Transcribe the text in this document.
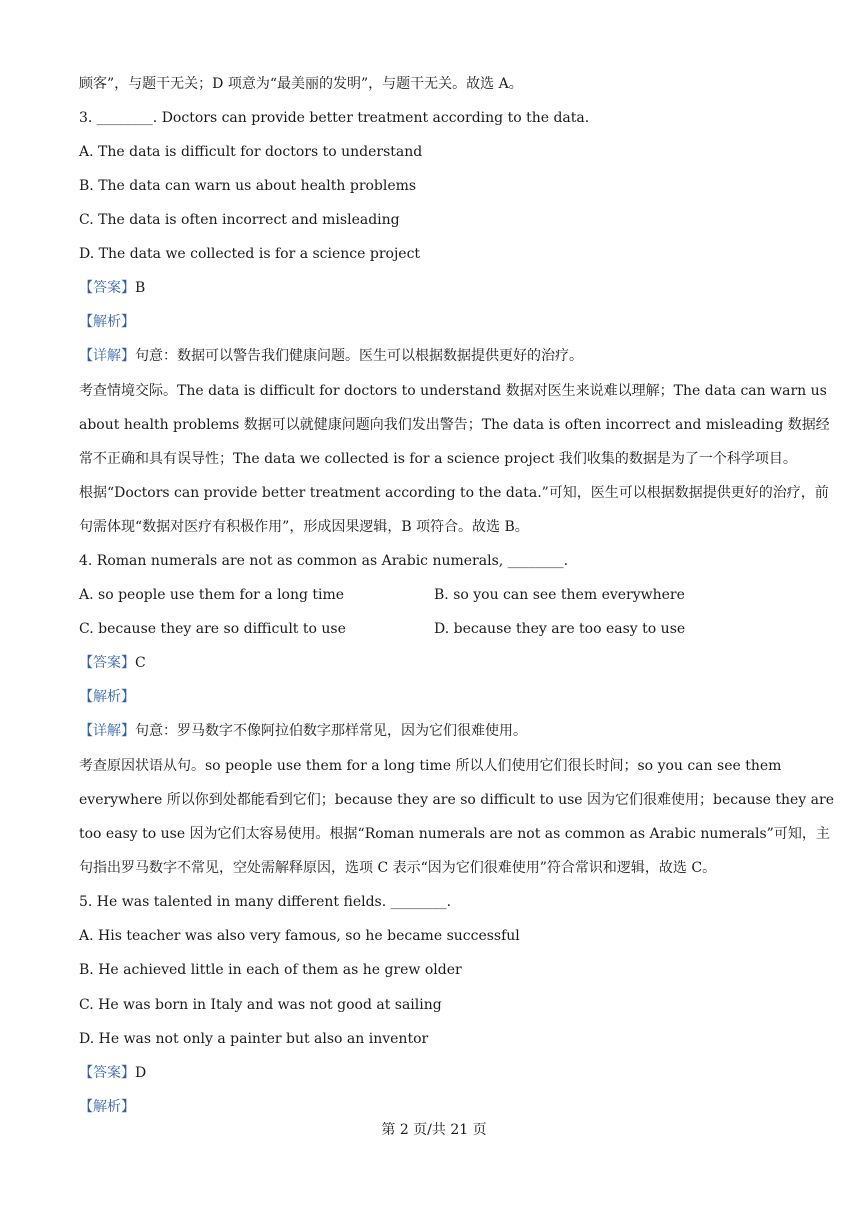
顾客”，与题干无关；D 项意为“最美丽的发明”，与题干无关。故选 A。
3. ________. Doctors can provide better treatment according to the data.
A. The data is difficult for doctors to understand
B. The data can warn us about health problems
C. The data is often incorrect and misleading
D. The data we collected is for a science project
【答案】B
【解析】
【详解】句意：数据可以警告我们健康问题。医生可以根据数据提供更好的治疗。
考查情境交际。The data is difficult for doctors to understand 数据对医生来说难以理解；The data can warn us
about health problems 数据可以就健康问题向我们发出警告；The data is often incorrect and misleading 数据经
常不正确和具有误导性；The data we collected is for a science project 我们收集的数据是为了一个科学项目。
根据“Doctors can provide better treatment according to the data.”可知，医生可以根据数据提供更好的治疗，前
句需体现“数据对医疗有积极作用”，形成因果逻辑，B 项符合。故选 B。
4. Roman numerals are not as common as Arabic numerals, ________.
A. so people use them for a long time	B. so you can see them everywhere
C. because they are so difficult to use	D. because they are too easy to use
【答案】C
【解析】
【详解】句意：罗马数字不像阿拉伯数字那样常见，因为它们很难使用。
考查原因状语从句。so people use them for a long time 所以人们使用它们很长时间；so you can see them
everywhere 所以你到处都能看到它们；because they are so difficult to use 因为它们很难使用；because they are
too easy to use 因为它们太容易使用。根据“Roman numerals are not as common as Arabic numerals”可知，主
句指出罗马数字不常见，空处需解释原因，选项 C 表示“因为它们很难使用”符合常识和逻辑，故选 C。
5. He was talented in many different fields. ________.
A. His teacher was also very famous, so he became successful
B. He achieved little in each of them as he grew older
C. He was born in Italy and was not good at sailing
D. He was not only a painter but also an inventor
【答案】D
【解析】
第 2 页/共 21 页
